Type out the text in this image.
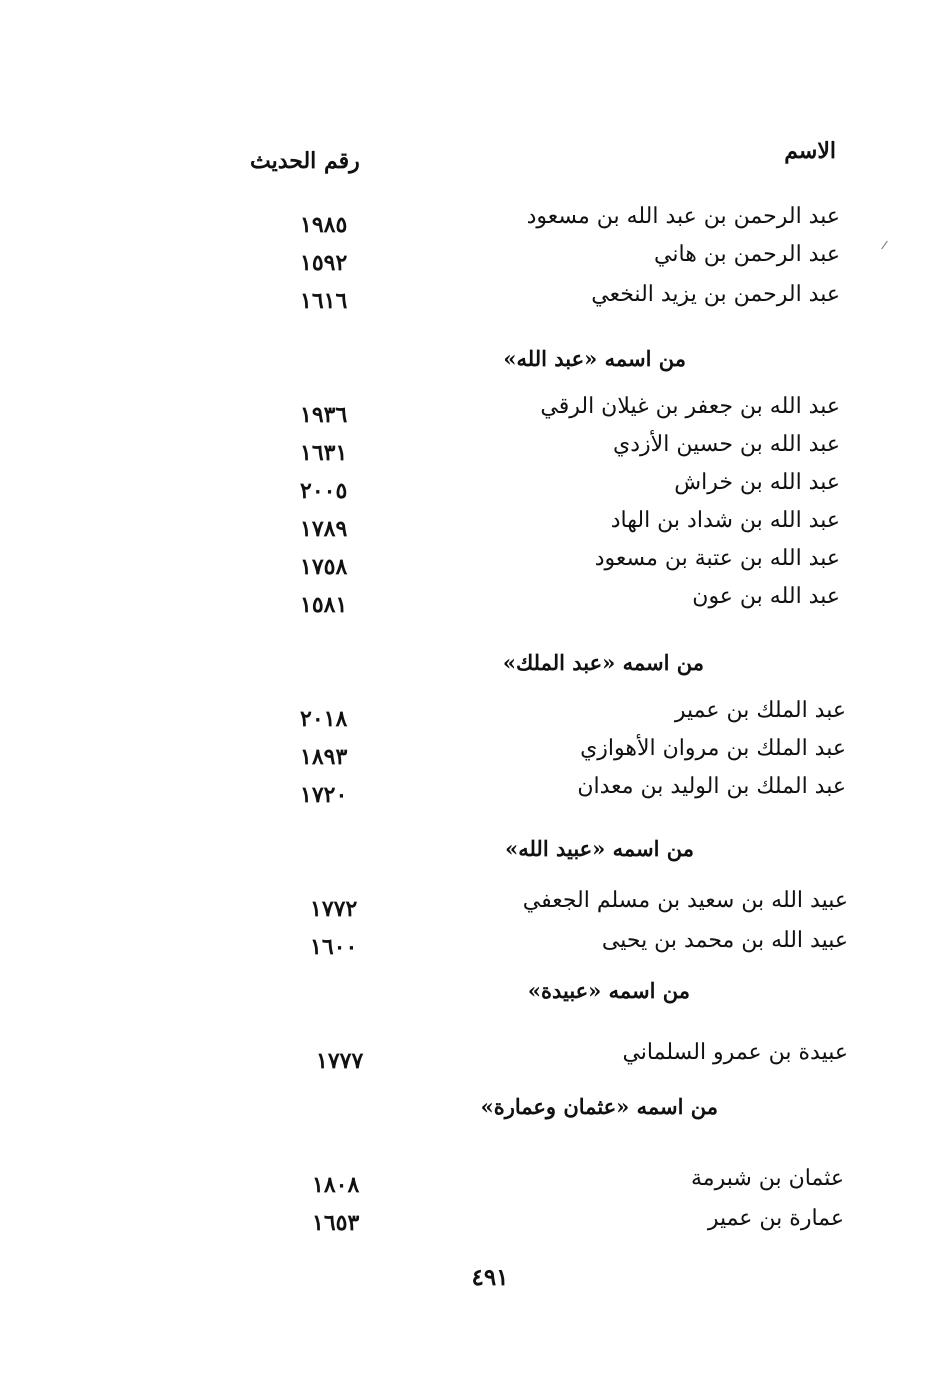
الاسم
رقم الحديث
عبد الرحمن بن عبد الله بن مسعود
١٩٨٥
عبد الرحمن بن هاني
١٥٩٢
عبد الرحمن بن يزيد النخعي
١٦١٦
من اسمه «عبد الله»
عبد الله بن جعفر بن غيلان الرقي
١٩٣٦
عبد الله بن حسين الأزدي
١٦٣١
عبد الله بن خراش
٢٠٠٥
عبد الله بن شداد بن الهاد
١٧٨٩
عبد الله بن عتبة بن مسعود
١٧٥٨
عبد الله بن عون
١٥٨١
من اسمه «عبد الملك»
عبد الملك بن عمير
٢٠١٨
عبد الملك بن مروان الأهوازي
١٨٩٣
عبد الملك بن الوليد بن معدان
١٧٢٠
من اسمه «عبيد الله»
عبيد الله بن سعيد بن مسلم الجعفي
١٧٧٢
عبيد الله بن محمد بن يحيى
١٦٠٠
من اسمه «عبيدة»
عبيدة بن عمرو السلماني
١٧٧٧
من اسمه «عثمان وعمارة»
عثمان بن شبرمة
١٨٠٨
عمارة بن عمير
١٦٥٣
٤٩١
